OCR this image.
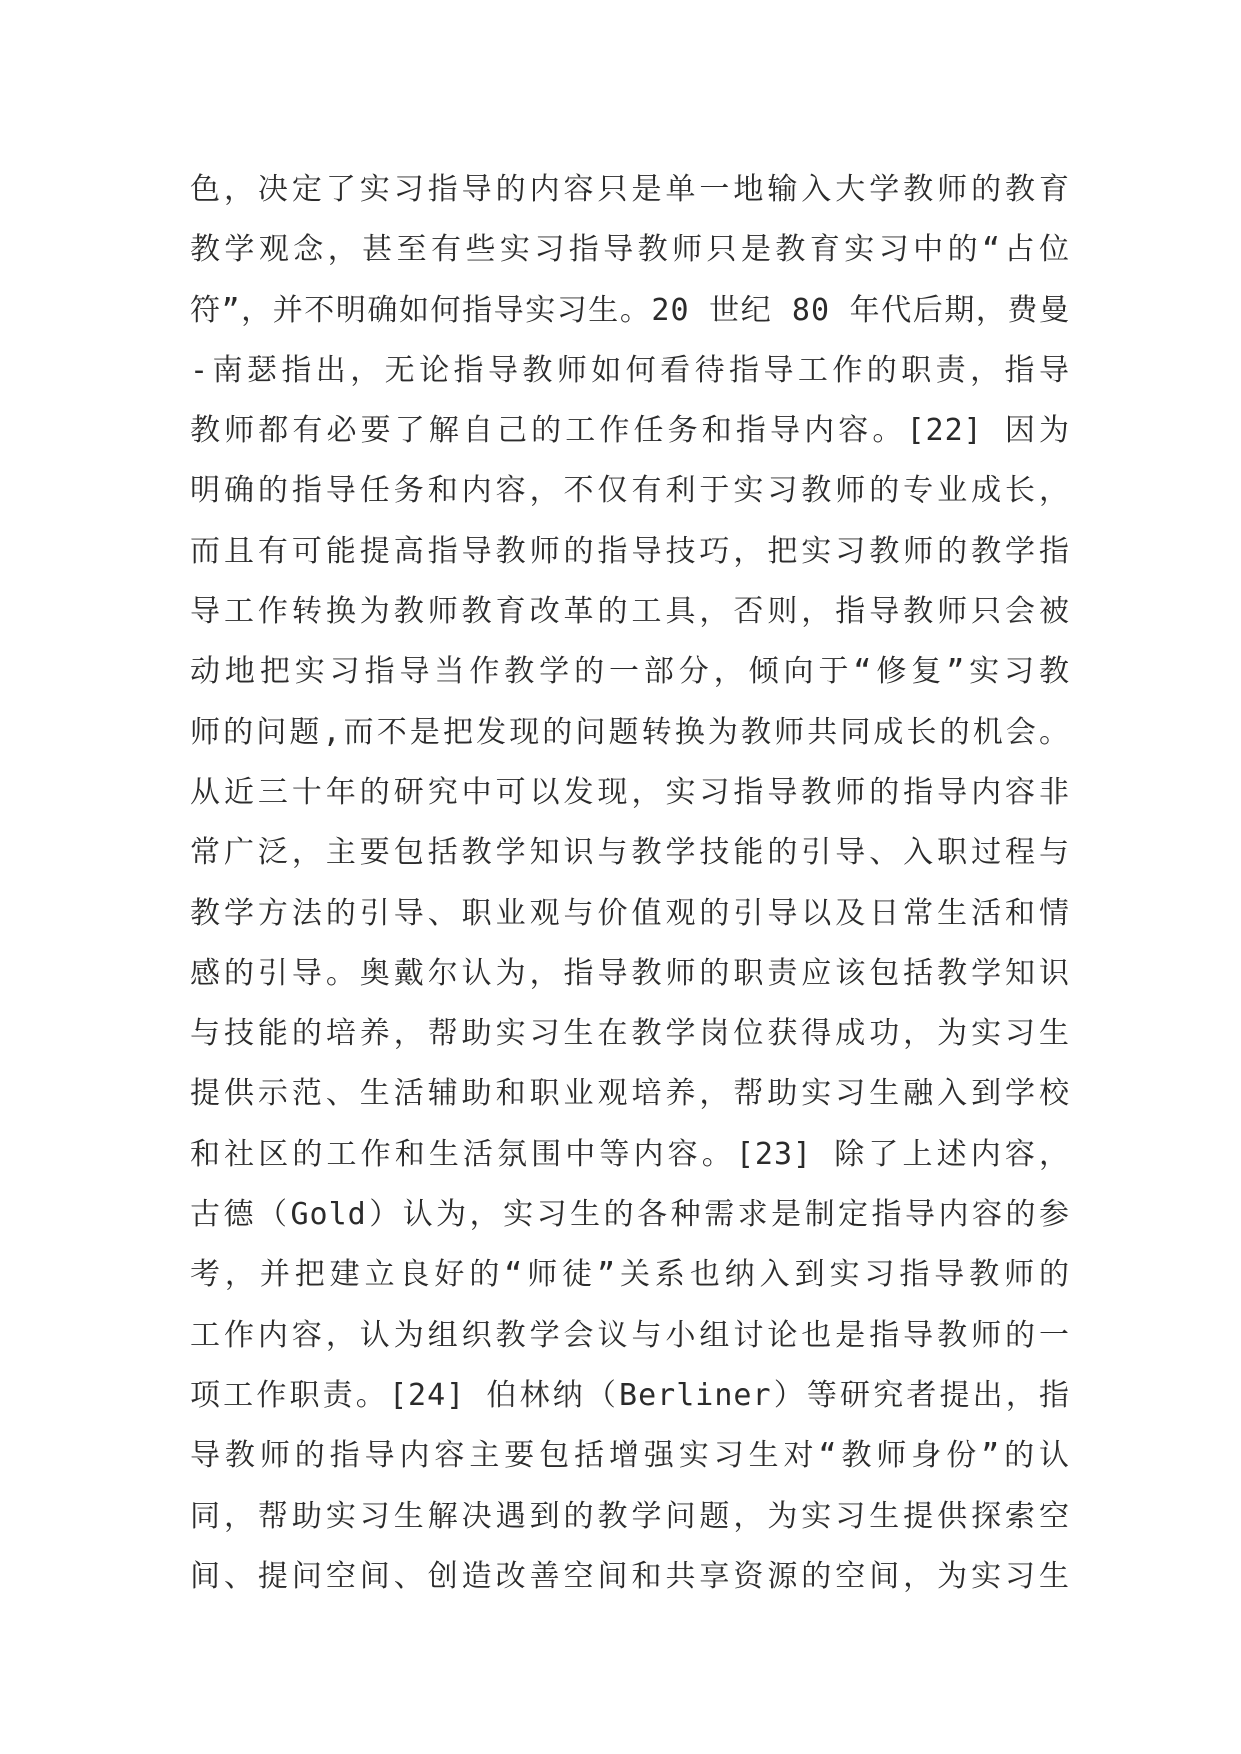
色，决定了实习指导的内容只是单一地输入大学教师的教育
教学观念，甚至有些实习指导教师只是教育实习中的“占位
符”，并不明确如何指导实习生。20 世纪 80 年代后期，费曼
-南瑟指出，无论指导教师如何看待指导工作的职责，指导
教师都有必要了解自己的工作任务和指导内容。[22] 因为
明确的指导任务和内容，不仅有利于实习教师的专业成长，
而且有可能提高指导教师的指导技巧，把实习教师的教学指
导工作转换为教师教育改革的工具，否则，指导教师只会被
动地把实习指导当作教学的一部分，倾向于“修复”实习教
师的问题,而不是把发现的问题转换为教师共同成长的机会。
从近三十年的研究中可以发现，实习指导教师的指导内容非
常广泛，主要包括教学知识与教学技能的引导、入职过程与
教学方法的引导、职业观与价值观的引导以及日常生活和情
感的引导。奥戴尔认为，指导教师的职责应该包括教学知识
与技能的培养，帮助实习生在教学岗位获得成功，为实习生
提供示范、生活辅助和职业观培养，帮助实习生融入到学校
和社区的工作和生活氛围中等内容。[23] 除了上述内容，
古德（Gold）认为，实习生的各种需求是制定指导内容的参
考，并把建立良好的“师徒”关系也纳入到实习指导教师的
工作内容，认为组织教学会议与小组讨论也是指导教师的一
项工作职责。[24] 伯林纳（Berliner）等研究者提出，指
导教师的指导内容主要包括增强实习生对“教师身份”的认
同，帮助实习生解决遇到的教学问题，为实习生提供探索空
间、提问空间、创造改善空间和共享资源的空间，为实习生
